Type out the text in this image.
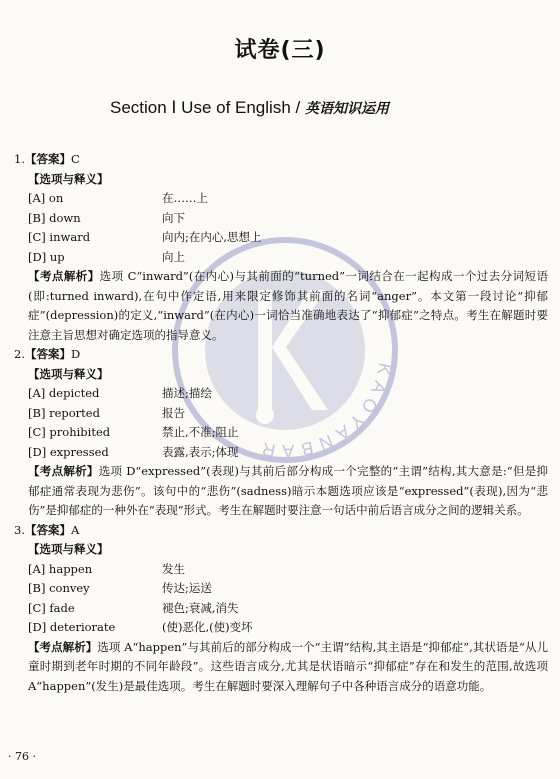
试卷(三)
Section Ⅰ Use of English / 英语知识运用
KAOYANBAR
1.【答案】C
【选项与释义】
[A] on	在……上
[B] down	向下
[C] inward	向内;在内心,思想上
[D] up	向上
【考点解析】选项 C“inward”(在内心)与其前面的“turned”一词结合在一起构成一个过去分词短语(即:turned inward),在句中作定语,用来限定修饰其前面的名词“anger”。本文第一段讨论“抑郁症”(depression)的定义,“inward”(在内心)一词恰当准确地表达了“抑郁症”之特点。考生在解题时要注意主旨思想对确定选项的指导意义。
2.【答案】D
【选项与释义】
[A] depicted	描述;描绘
[B] reported	报告
[C] prohibited	禁止,不准;阻止
[D] expressed	表露,表示;体现
【考点解析】选项 D“expressed”(表现)与其前后部分构成一个完整的“主谓”结构,其大意是:“但是抑郁症通常表现为悲伤”。该句中的“悲伤”(sadness)暗示本题选项应该是“expressed”(表现),因为“悲伤”是抑郁症的一种外在“表现”形式。考生在解题时要注意一句话中前后语言成分之间的逻辑关系。
3.【答案】A
【选项与释义】
[A] happen	发生
[B] convey	传达;运送
[C] fade	褪色;衰减,消失
[D] deteriorate	(使)恶化,(使)变坏
【考点解析】选项 A“happen”与其前后的部分构成一个“主谓”结构,其主语是“抑郁症”,其状语是“从儿童时期到老年时期的不同年龄段”。这些语言成分,尤其是状语暗示“抑郁症”存在和发生的范围,故选项 A“happen”(发生)是最佳选项。考生在解题时要深入理解句子中各种语言成分的语意功能。
· 76 ·
